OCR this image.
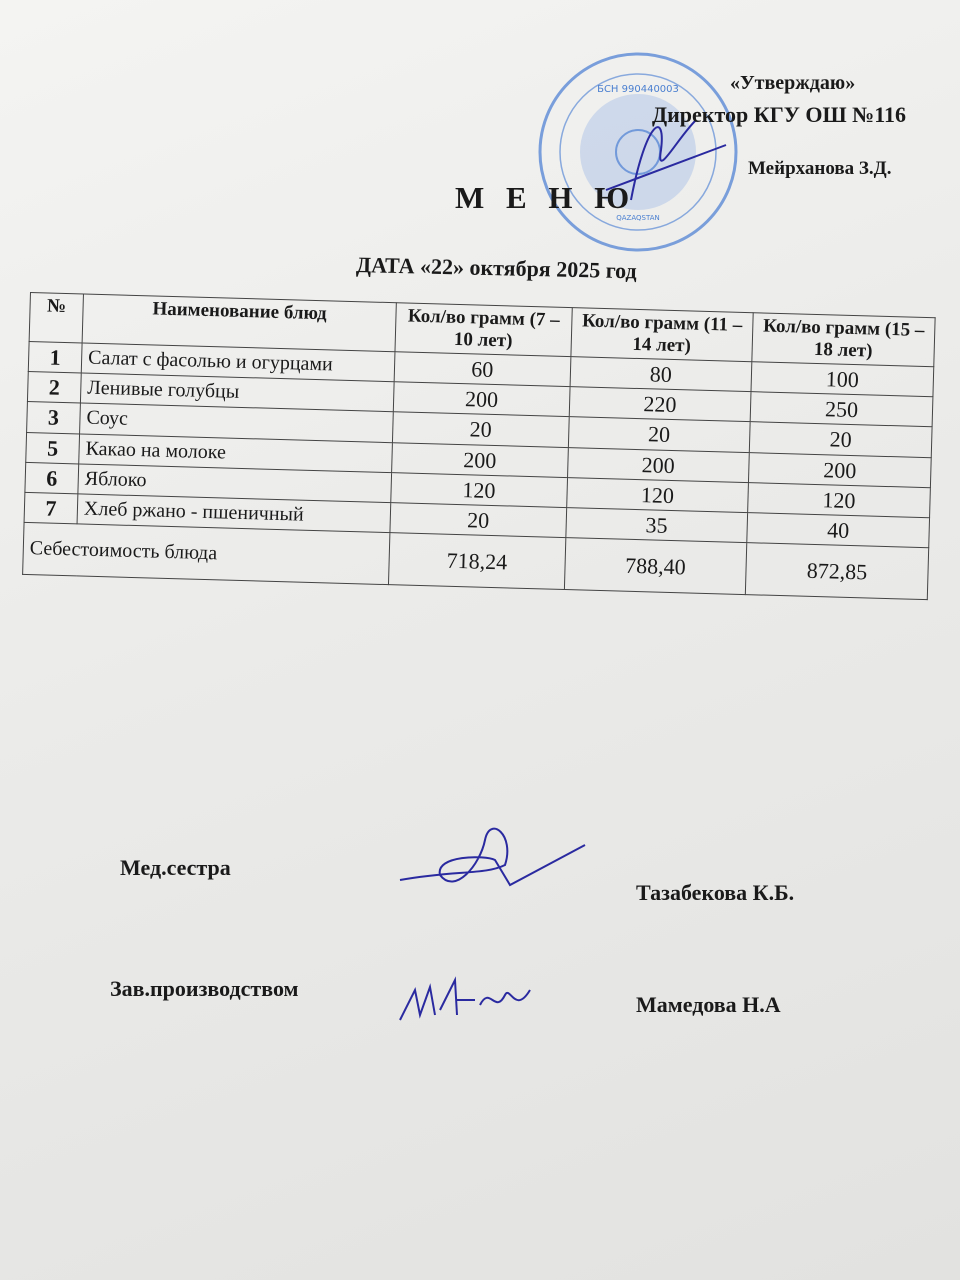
БСН 990440003
QAZAQSTAN
«Утверждаю»
Директор КГУ ОШ №116
Мейрханова З.Д.
М Е Н Ю
ДАТА «22» октября 2025 год
№	Наименование блюд	Кол/во грамм (7 – 10 лет)	Кол/во грамм (11 – 14 лет)	Кол/во грамм (15 – 18 лет)
1	Салат с фасолью и огурцами	60	80	100
2	Ленивые голубцы	200	220	250
3	Соус	20	20	20
5	Какао на молоке	200	200	200
6	Яблоко	120	120	120
7	Хлеб ржано - пшеничный	20	35	40
Себестоимость блюда		718,24	788,40	872,85
Мед.сестра
Тазабекова К.Б.
Зав.производством
Мамедова Н.А
